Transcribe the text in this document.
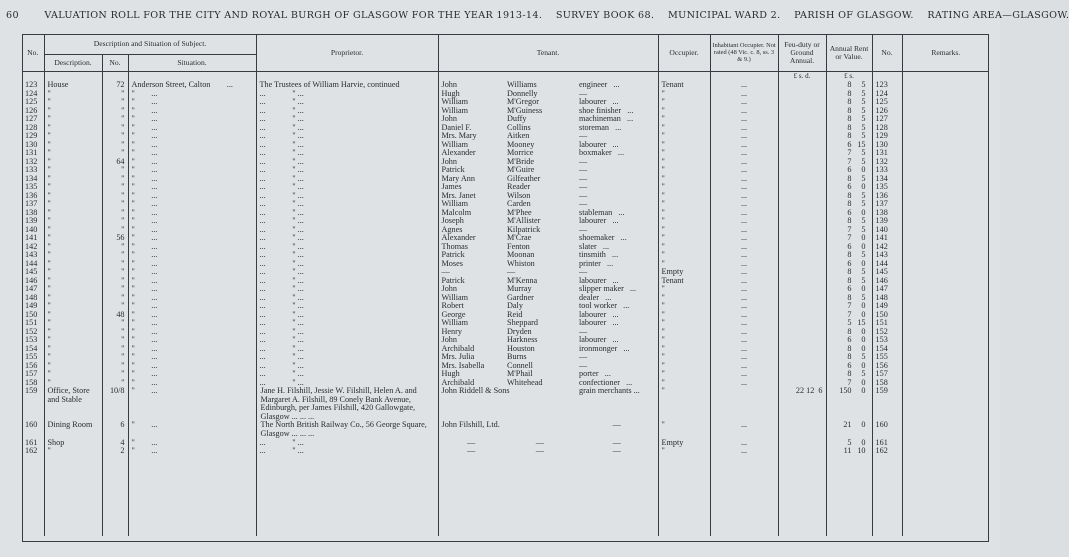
60	VALUATION ROLL FOR THE CITY AND ROYAL BURGH OF GLASGOW FOR THE YEAR 1913-14. SURVEY BOOK 68. MUNICIPAL WARD 2. PARISH OF GLASGOW. RATING AREA—GLASGOW.
No.	Description and Situation of Subject.			Proprietor.	Tenant.			Occupier.	Inhabitant Occupier. Not rated (48 Vic. c. 8, ss. 3 & 9.)	Feu-duty or Ground Annual.	Annual Rent or Value.	No.	Remarks.
	Description.	No.	Situation.										
										£ s. d.	£ s.		
123	House	72	Anderson Street, Calton ...	The Trustees of William Harvie, continued	John	Williams	engineer ...	Tenant	...		8 5	123	
124	"	"	" ...	... " ...	Hugh	Donnelly	—	"	...		8 5	124	
125	"	"	" ...	... " ...	William	M'Gregor	labourer ...	"	...		8 5	125	
126	"	"	" ...	... " ...	William	M'Guiness	shoe finisher ...	"	...		8 5	126	
127	"	"	" ...	... " ...	John	Duffy	machineman ...	"	...		8 5	127	
128	"	"	" ...	... " ...	Daniel F.	Collins	storeman ...	"	...		8 5	128	
129	"	"	" ...	... " ...	Mrs. Mary	Aitken	—	"	...		8 5	129	
130	"	"	" ...	... " ...	William	Mooney	labourer ...	"	...		6 15	130	
131	"	"	" ...	... " ...	Alexander	Morrice	boxmaker ...	"	...		7 5	131	
132	"	64	" ...	... " ...	John	M'Bride	—	"	...		7 5	132	
133	"	"	" ...	... " ...	Patrick	M'Guire	—	"	...		6 0	133	
134	"	"	" ...	... " ...	Mary Ann	Gilfeather	—	"	...		8 5	134	
135	"	"	" ...	... " ...	James	Reader	—	"	...		6 0	135	
136	"	"	" ...	... " ...	Mrs. Janet	Wilson	—	"	...		8 5	136	
137	"	"	" ...	... " ...	William	Carden	—	"	...		8 5	137	
138	"	"	" ...	... " ...	Malcolm	M'Phee	stableman ...	"	...		6 0	138	
139	"	"	" ...	... " ...	Joseph	M'Allister	labourer ...	"	...		8 5	139	
140	"	"	" ...	... " ...	Agnes	Kilpatrick	—	"	...		7 5	140	
141	"	56	" ...	... " ...	Alexander	M'Crae	shoemaker ...	"	...		7 0	141	
142	"	"	" ...	... " ...	Thomas	Fenton	slater ...	"	...		6 0	142	
143	"	"	" ...	... " ...	Patrick	Moonan	tinsmith ...	"	...		8 5	143	
144	"	"	" ...	... " ...	Moses	Whiston	printer ...	"	...		6 0	144	
145	"	"	" ...	... " ...	—	—	—	Empty	...		8 5	145	
146	"	"	" ...	... " ...	Patrick	M'Kenna	labourer ...	Tenant	...		8 5	146	
147	"	"	" ...	... " ...	John	Murray	slipper maker ...	"	...		6 0	147	
148	"	"	" ...	... " ...	William	Gardner	dealer ...	"	...		8 5	148	
149	"	"	" ...	... " ...	Robert	Daly	tool worker ...	"	...		7 0	149	
150	"	48	" ...	... " ...	George	Reid	labourer ...	"	...		7 0	150	
151	"	"	" ...	... " ...	William	Sheppard	labourer ...	"	...		5 15	151	
152	"	"	" ...	... " ...	Henry	Dryden	—	"	...		8 0	152	
153	"	"	" ...	... " ...	John	Harkness	labourer ...	"	...		6 0	153	
154	"	"	" ...	... " ...	Archibald	Houston	ironmonger ...	"	...		8 0	154	
155	"	"	" ...	... " ...	Mrs. Julia	Burns	—	"	...		8 5	155	
156	"	"	" ...	... " ...	Mrs. Isabella	Connell	—	"	...		6 0	156	
157	"	"	" ...	... " ...	Hugh	M'Phail	porter ...	"	...		8 5	157	
158	"	"	" ...	... " ...	Archibald	Whitehead	confectioner ...	"	...		7 0	158	
159	Office, Store and Stable	10/8	" ...	Jane H. Filshill, Jessie W. Filshill, Helen A. and Margaret A. Filshill, 89 Conely Bank Avenue, Edinburgh, per James Filshill, 420 Gallowgate, Glasgow ... ... ...	John Riddell & Sons		grain merchants ...	"		22 12 6	150 0	159	
160	Dining Room	6	" ...	The North British Railway Co., 56 George Square, Glasgow ... ... ...	John Filshill, Ltd.		—	"	...		21 0	160	
161	Shop	4	" ...	... " ...	—	—	—	Empty	...		5 0	161	
162	"	2	" ...	... " ...	—	—	—	"	...		11 10	162	
